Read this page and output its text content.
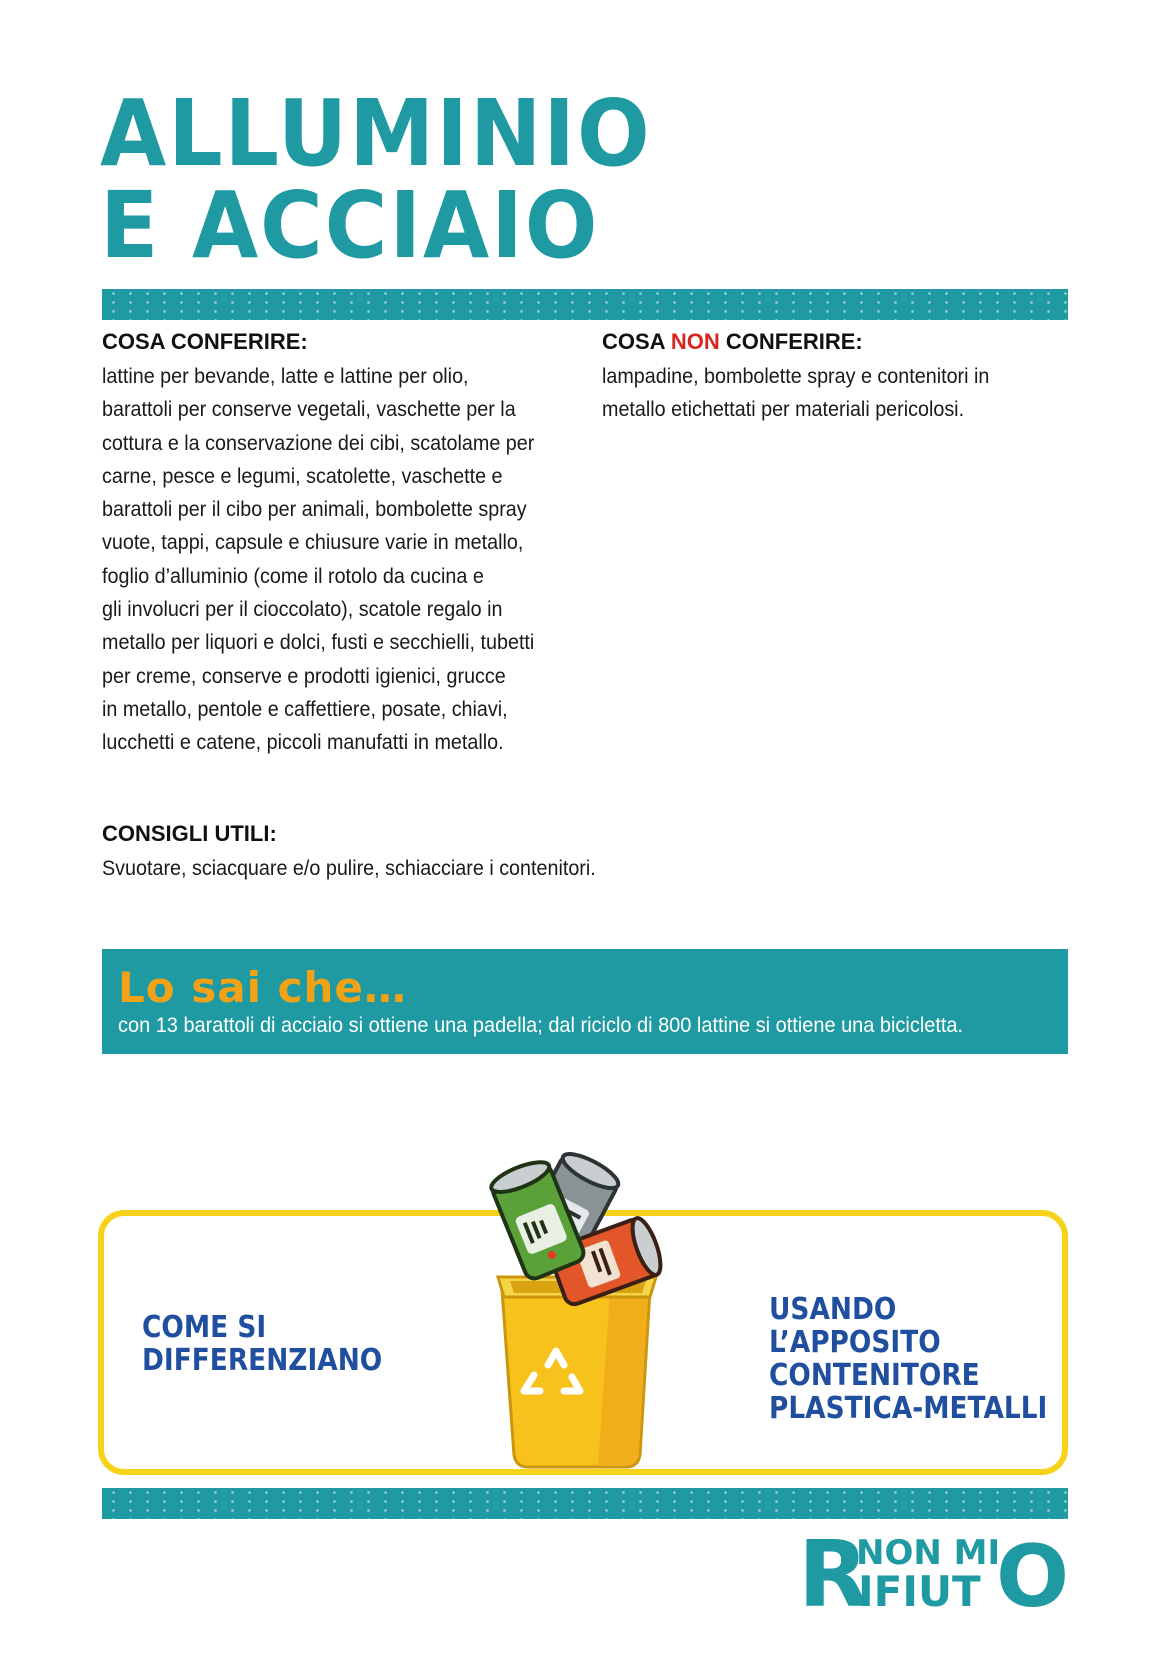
ALLUMINIO
E ACCIAIO
COSA CONFERIRE:
lattine per bevande, latte e lattine per olio,
barattoli per conserve vegetali, vaschette per la
cottura e la conservazione dei cibi, scatolame per
carne, pesce e legumi, scatolette, vaschette e
barattoli per il cibo per animali, bombolette spray
vuote, tappi, capsule e chiusure varie in metallo,
foglio d’alluminio (come il rotolo da cucina e
gli involucri per il cioccolato), scatole regalo in
metallo per liquori e dolci, fusti e secchielli, tubetti
per creme, conserve e prodotti igienici, grucce
in metallo, pentole e caffettiere, posate, chiavi,
lucchetti e catene, piccoli manufatti in metallo.
COSA NON CONFERIRE:
lampadine, bombolette spray e contenitori in
metallo etichettati per materiali pericolosi.
CONSIGLI UTILI:
Svuotare, sciacquare e/o pulire, schiacciare i contenitori.
Lo sai che…
con 13 barattoli di acciaio si ottiene una padella; dal riciclo di 800 lattine si ottiene una bicicletta.
COME SI
DIFFERENZIANO
USANDO
L’APPOSITO
CONTENITORE
PLASTICA-METALLI
R
NON MI
IFIUT O
